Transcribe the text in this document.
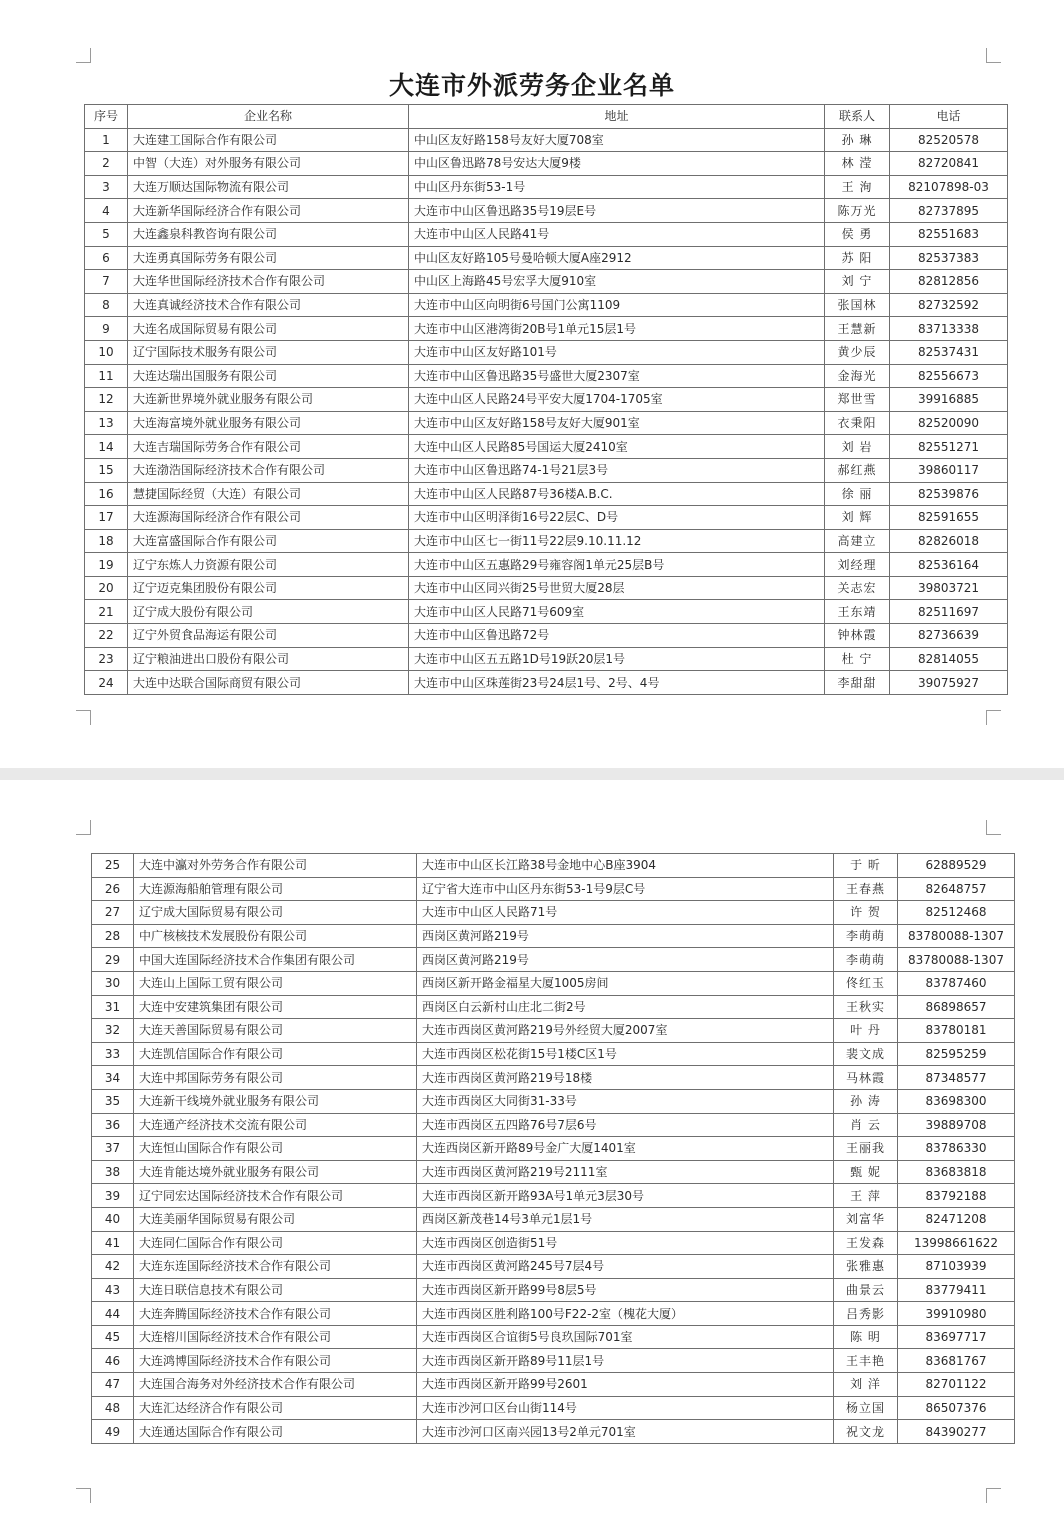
大连市外派劳务企业名单
序号	企业名称	地址	联系人	电话
1	大连建工国际合作有限公司	中山区友好路158号友好大厦708室	孙 琳	82520578
2	中智（大连）对外服务有限公司	中山区鲁迅路78号安达大厦9楼	林 滢	82720841
3	大连万顺达国际物流有限公司	中山区丹东街53-1号	王 洵	82107898-03
4	大连新华国际经济合作有限公司	大连市中山区鲁迅路35号19层E号	陈万光	82737895
5	大连鑫泉科教咨询有限公司	大连市中山区人民路41号	侯 勇	82551683
6	大连勇真国际劳务有限公司	中山区友好路105号曼哈顿大厦A座2912	苏 阳	82537383
7	大连华世国际经济技术合作有限公司	中山区上海路45号宏孚大厦910室	刘 宁	82812856
8	大连真诚经济技术合作有限公司	大连市中山区向明街6号国门公寓1109	张国林	82732592
9	大连名成国际贸易有限公司	大连市中山区港湾街20B号1单元15层1号	王慧新	83713338
10	辽宁国际技术服务有限公司	大连市中山区友好路101号	黄少辰	82537431
11	大连达瑞出国服务有限公司	大连市中山区鲁迅路35号盛世大厦2307室	金海光	82556673
12	大连新世界境外就业服务有限公司	大连中山区人民路24号平安大厦1704-1705室	郑世雪	39916885
13	大连海富境外就业服务有限公司	大连市中山区友好路158号友好大厦901室	衣秉阳	82520090
14	大连吉瑞国际劳务合作有限公司	大连中山区人民路85号国运大厦2410室	刘 岩	82551271
15	大连渤浩国际经济技术合作有限公司	大连市中山区鲁迅路74-1号21层3号	郝红燕	39860117
16	慧捷国际经贸（大连）有限公司	大连市中山区人民路87号36楼A.B.C.	徐 丽	82539876
17	大连源海国际经济合作有限公司	大连市中山区明泽街16号22层C、D号	刘 辉	82591655
18	大连富盛国际合作有限公司	大连市中山区七一街11号22层9.10.11.12	高建立	82826018
19	辽宁东炼人力资源有限公司	大连市中山区五惠路29号雍容阁1单元25层B号	刘经理	82536164
20	辽宁迈克集团股份有限公司	大连市中山区同兴街25号世贸大厦28层	关志宏	39803721
21	辽宁成大股份有限公司	大连市中山区人民路71号609室	王东靖	82511697
22	辽宁外贸食品海运有限公司	大连市中山区鲁迅路72号	钟林霞	82736639
23	辽宁粮油进出口股份有限公司	大连市中山区五五路1D号19跃20层1号	杜 宁	82814055
24	大连中达联合国际商贸有限公司	大连市中山区珠莲街23号24层1号、2号、4号	李甜甜	39075927
25	大连中瀛对外劳务合作有限公司	大连市中山区长江路38号金地中心B座3904	于 昕	62889529
26	大连源海船舶管理有限公司	辽宁省大连市中山区丹东街53-1号9层C号	王春燕	82648757
27	辽宁成大国际贸易有限公司	大连市中山区人民路71号	许 贺	82512468
28	中广核核技术发展股份有限公司	西岗区黄河路219号	李萌萌	83780088-1307
29	中国大连国际经济技术合作集团有限公司	西岗区黄河路219号	李萌萌	83780088-1307
30	大连山上国际工贸有限公司	西岗区新开路金福星大厦1005房间	佟红玉	83787460
31	大连中安建筑集团有限公司	西岗区白云新村山庄北二街2号	王秋实	86898657
32	大连天善国际贸易有限公司	大连市西岗区黄河路219号外经贸大厦2007室	叶 丹	83780181
33	大连凯信国际合作有限公司	大连市西岗区松花街15号1楼C区1号	裴文成	82595259
34	大连中邦国际劳务有限公司	大连市西岗区黄河路219号18楼	马林霞	87348577
35	大连新干线境外就业服务有限公司	大连市西岗区大同街31-33号	孙 涛	83698300
36	大连通产经济技术交流有限公司	大连市西岗区五四路76号7层6号	肖 云	39889708
37	大连恒山国际合作有限公司	大连西岗区新开路89号金广大厦1401室	王丽我	83786330
38	大连肯能达境外就业服务有限公司	大连市西岗区黄河路219号2111室	甄 妮	83683818
39	辽宁同宏达国际经济技术合作有限公司	大连市西岗区新开路93A号1单元3层30号	王 萍	83792188
40	大连美丽华国际贸易有限公司	西岗区新茂巷14号3单元1层1号	刘富华	82471208
41	大连同仁国际合作有限公司	大连市西岗区创造街51号	王发森	13998661622
42	大连东连国际经济技术合作有限公司	大连市西岗区黄河路245号7层4号	张雅惠	87103939
43	大连日联信息技术有限公司	大连市西岗区新开路99号8层5号	曲景云	83779411
44	大连奔腾国际经济技术合作有限公司	大连市西岗区胜利路100号F22-2室（槐花大厦）	吕秀影	39910980
45	大连榕川国际经济技术合作有限公司	大连市西岗区合谊街5号良玖国际701室	陈 明	83697717
46	大连鸿博国际经济技术合作有限公司	大连市西岗区新开路89号11层1号	王丰艳	83681767
47	大连国合海务对外经济技术合作有限公司	大连市西岗区新开路99号2601	刘 洋	82701122
48	大连汇达经济合作有限公司	大连市沙河口区台山街114号	杨立国	86507376
49	大连通达国际合作有限公司	大连市沙河口区南兴园13号2单元701室	祝文龙	84390277
